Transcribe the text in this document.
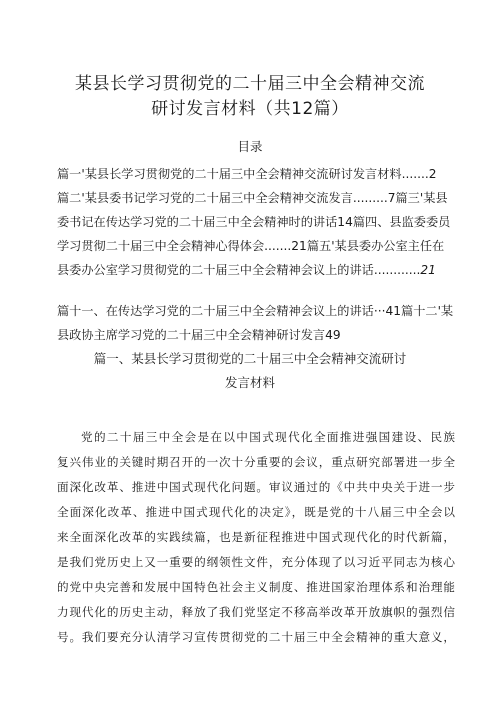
某县长学习贯彻党的二十届三中全会精神交流
研讨发言材料（共12篇）
目录
篇一'某县长学习贯彻党的二十届三中全会精神交流研讨发言材料.......2
篇二'某县委书记学习党的二十届三中全会精神交流发言.........7篇三'某县
委书记在传达学习党的二十届三中全会精神时的讲话14篇四、县监委委员
学习贯彻二十届三中全会精神心得体会.......21篇五'某县委办公室主任在
县委办公室学习贯彻党的二十届三中全会精神会议上的讲话............21
篇十一、在传达学习党的二十届三中全会精神会议上的讲话···41篇十二'某
县政协主席学习党的二十届三中全会精神研讨发言49
篇一、某县长学习贯彻党的二十届三中全会精神交流研讨
发言材料
党的二十届三中全会是在以中国式现代化全面推进强国建设、民族
复兴伟业的关键时期召开的一次十分重要的会议，重点研究部署进一步全
面深化改革、推进中国式现代化问题。审议通过的《中共中央关于进一步
全面深化改革、推进中国式现代化的决定》，既是党的十八届三中全会以
来全面深化改革的实践续篇，也是新征程推进中国式现代化的时代新篇，
是我们党历史上又一重要的纲领性文件，充分体现了以习近平同志为核心
的党中央完善和发展中国特色社会主义制度、推进国家治理体系和治理能
力现代化的历史主动，释放了我们党坚定不移高举改革开放旗帜的强烈信
号。我们要充分认清学习宣传贯彻党的二十届三中全会精神的重大意义，
